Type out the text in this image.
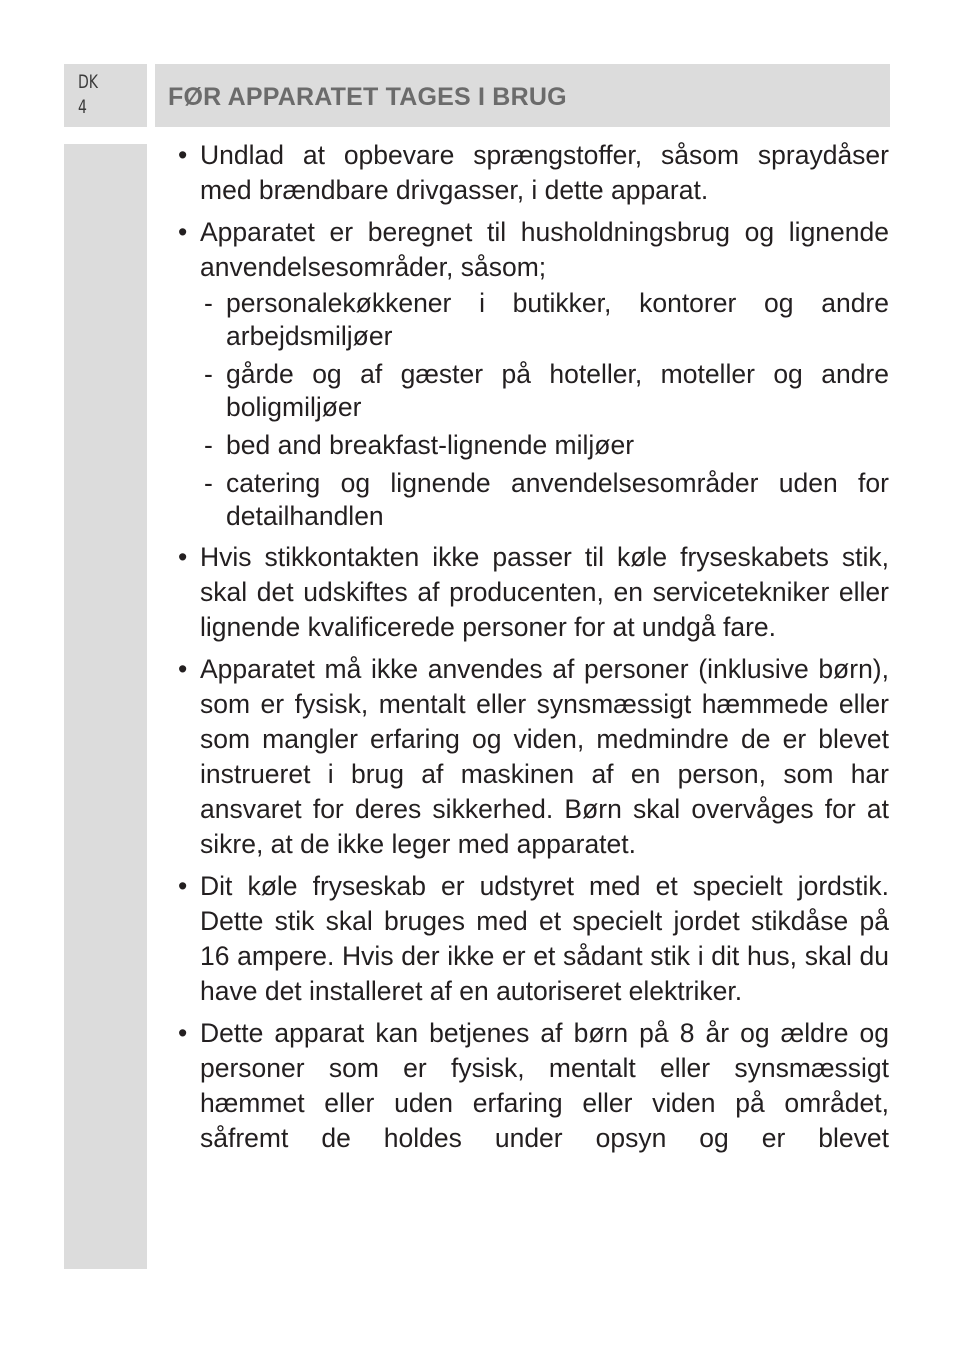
DK
4	FØR APPARATET TAGES I BRUG
• Undlad at opbevare sprængstoffer, såsom spraydåser med brændbare drivgasser, i dette apparat.
• Apparatet er beregnet til husholdningsbrug og lignende anvendelsesområder, såsom;
- personalekøkkener i butikker, kontorer og andre arbejdsmiljøer
- gårde og af gæster på hoteller, moteller og andre boligmiljøer
- bed and breakfast-lignende miljøer
- catering og lignende anvendelsesområder uden for detailhandlen
• Hvis stikkontakten ikke passer til køle fryseskabets stik, skal det udskiftes af producenten, en servicetekniker eller lignende kvalificerede personer for at undgå fare.
• Apparatet må ikke anvendes af personer (inklusive børn), som er fysisk, mentalt eller synsmæssigt hæmmede eller som mangler erfaring og viden, medmindre de er blevet instrueret i brug af maskinen af en person, som har ansvaret for deres sikkerhed. Børn skal overvåges for at sikre, at de ikke leger med apparatet.
• Dit køle fryseskab er udstyret med et specielt jordstik. Dette stik skal bruges med et specielt jordet stikdåse på 16 ampere. Hvis der ikke er et sådant stik i dit hus, skal du have det installeret af en autoriseret elektriker.
• Dette apparat kan betjenes af børn på 8 år og ældre og personer som er fysisk, mentalt eller synsmæssigt hæmmet eller uden erfaring eller viden på området, såfremt de holdes under opsyn og er blevet
